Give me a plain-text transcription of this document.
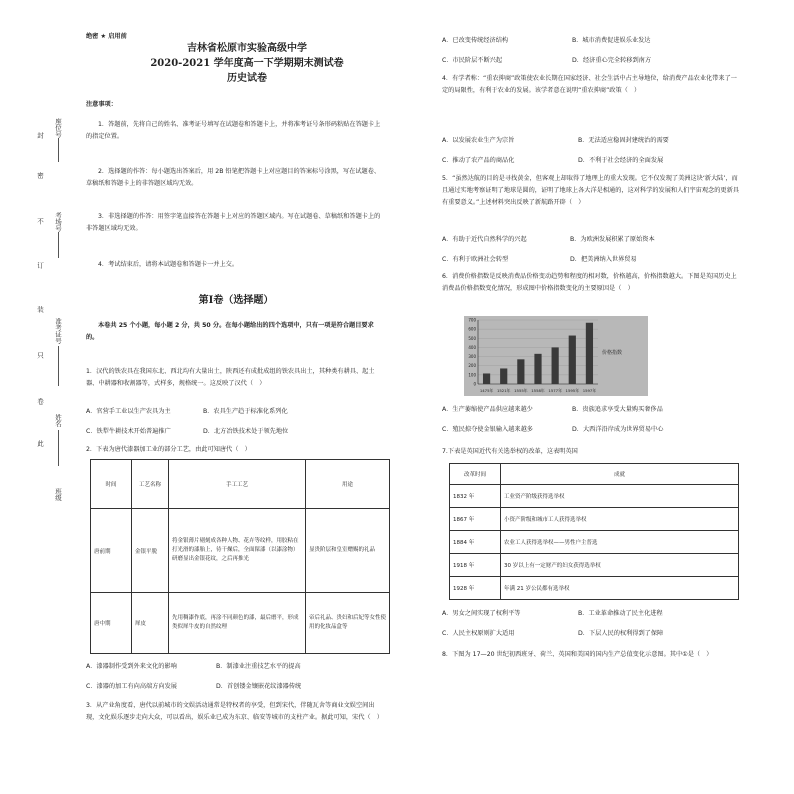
封
密
不
订
装
只
卷
此
座位号
考场号
准考证号
姓名
班级
绝密 ★ 启用前
吉林省松原市实验高级中学
2020-2021 学年度高一下学期期末测试卷
历史试卷
注意事项：
1．答题前，先将自己的姓名、准考证号填写在试题卷和答题卡上，并将准考证号条形码粘贴在答题卡上的指定位置。
2．选择题的作答：每小题选出答案后，用 2B 铅笔把答题卡上对应题目的答案标号涂黑，写在试题卷、草稿纸和答题卡上的非答题区域均无效。
3．非选择题的作答：用签字笔直接答在答题卡上对应的答题区域内。写在试题卷、草稿纸和答题卡上的非答题区域均无效。
4．考试结束后，请将本试题卷和答题卡一并上交。
第Ⅰ卷（选择题）
本卷共 25 个小题，每小题 2 分，共 50 分。在每小题给出的四个选项中，只有一项是符合题目要求的。
1．汉代的铁农具在我国东北、西北均有大量出土，陕西还有成批成组的铁农具出土，其种类有耕具、起土器、中耕器和收割器等，式样多，规格统一。这反映了汉代（　）
A．官营手工业以生产农具为主	B．农具生产趋于标准化系列化
C．铁犁牛耕技术开始普遍推广	D．北方冶铁技术处于领先地位
2．下表为唐代漆器加工业的部分工艺，由此可知唐代（　）
时间	工艺名称	手工工艺	用途
唐前期	金银平脱	将金银薄片剔刻成各种人物、花卉等纹样，用胶粘在打光滑的漆胎上，待干燥后，全面髹漆（以漆涂物）研磨显出金银花纹，之后再推光	显贵阶层和皇室赠赐的礼品
唐中期	犀皮	先用稠漆作底，再涂不同颜色的漆，最后磨平，形成类似犀牛皮的自然纹理	帝后礼品、贵妇和后妃等女性使用的化妆品盒等
A．漆器制作受到外来文化的影响	B．制漆业注重技艺水平的提高
C．漆器的加工有向高端方向发展	D．首创镂金镶嵌花纹漆器传统
3．从产业角度看，唐代以前城市的文娱活动通常是特权者的享受，但到宋代，伴随瓦舍等商业文娱空间出现，文化娱乐逐步走向大众，可以看出，娱乐业已成为东京、临安等城市的支柱产业。据此可知，宋代（　）
A．已改变传统经济结构	B．城市消费促进娱乐业发达
C．市民阶层不断兴起	D．经济重心完全转移到南方
4．有学者称：“重农抑商”政策使农业长期在国家经济、社会生活中占主导地位，给消费产品农业化带来了一定的局限性，有利于农业的发展。该学者意在说明“重农抑商”政策（　）
A．以发展农业生产为宗旨	B．无法适应稳固封建统治的需要
C．推动了农产品的商品化	D．不利于社会经济的全面发展
5．“虽然达航的目的是寻找黄金，但客观上却取得了地理上的重大发现。它不仅发现了美洲这块‘新大陆’，而且通过实地考察证明了地球是圆的，证明了地球上各大洋是相通的，这对科学的发展和人们宇宙观念的更新具有重要意义。”上述材料突出反映了新航路开辟（　）
A．有助于近代自然科学的兴起	B．为欧洲发展积累了原始资本
C．有利于欧洲社会转型	D．把美洲纳入世界贸易
6．消费价格指数是反映消费品价格变动趋势和程度的相对数，价格越高，价格指数越大。下图是英国历史上消费品价格指数变化情况，形成图中价格指数变化的主要原因是（　）
0
100
200
300
400
500
600
700
1475年 1521年 1555年 1558年 1577年 1595年 1597年
价格指数
A．生产萎缩使产品供应越来越少	B．贵族追求享受大量购买奢侈品
C．殖民掠夺使金银输入越来越多	D．大西洋沿岸成为世界贸易中心
7.下表是英国近代有关选举权的改革，这表明英国
改革时间	成就
1832 年	工业资产阶级获得选举权
1867 年	小资产阶级和城市工人获得选举权
1884 年	农业工人获得选举权——男性户主普选
1918 年	30 岁以上有一定财产的妇女获得选举权
1928 年	年满 21 岁公民都有选举权
A．男女之间实现了权利平等	B．工业革命推动了民主化进程
C．人民主权原则扩大适用	D．下层人民的权利得到了保障
8．下图为 17—20 世纪初西班牙、荷兰、英国和美国的国内生产总值变化示意图。其中①是（　）
